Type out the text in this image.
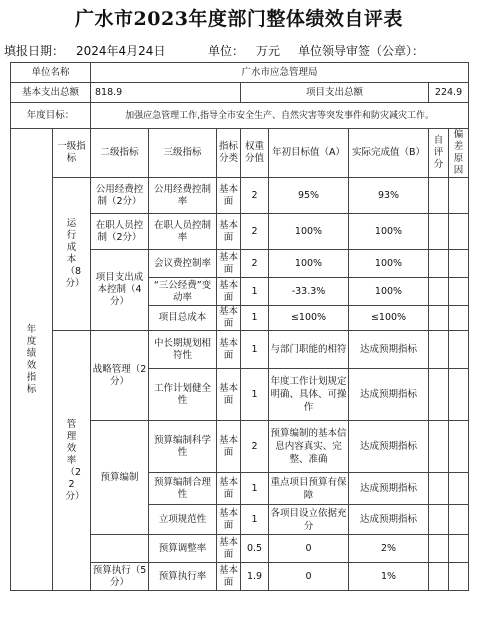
广水市2023年度部门整体绩效自评表
填报日期： 2024年4月24日	单位： 万元 单位领导审签（公章）：
单位名称		广水市应急管理局							
基本支出总额		818.9			项目支出总额			224.9	
年度目标：		加强应急管理工作,指导全市安全生产、自然灾害等突发事件和防灾减灾工作。							

年度绩效指标	一级指标	二级指标	三级指标	指标分类	权重分值	年初目标值（A）	实际完成值（B）	自评分	偏差原因

	运行成本（8分）	公用经费控制（2分）	公用经费控制率	基本面	2	95%	93%		
		在职人员控制（2分）	在职人员控制率	基本面	2	100%	100%		
		项目支出成本控制（4分）	会议费控制率	基本面	2	100%	100%		
			“三公经费”变动率	基本面	1	-33.3%	100%		
			项目总成本	基本面	1	≤100%	≤100%		

	管理效率（22分）	战略管理（2分）	中长期规划相符性	基本面	1	与部门职能的相符	达成预期指标		
			工作计划健全性	基本面	1	年度工作计划规定明确、具体、可操作	达成预期指标		
		预算编制	预算编制科学性	基本面	2	预算编制的基本信息内容真实、完整、准确	达成预期指标		
			预算编制合理性	基本面	1	重点项目预算有保障	达成预期指标		
			立项规范性	基本面	1	各项目设立依据充分	达成预期指标		
			预算调整率	基本面	0.5	0	2%		
		预算执行（5分）	预算执行率	基本面	1.9	0	1%		
